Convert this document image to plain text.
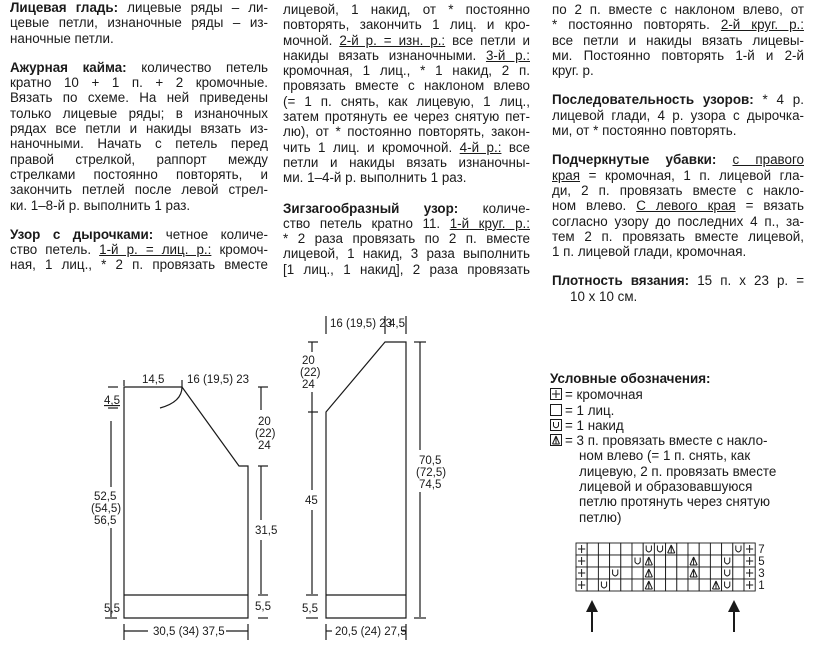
Лицевая гладь: лицевые ряды – ли-
цевые петли, изнаночные ряды – из-
наночные петли.

Ажурная кайма: количество петель
кратно 10 + 1 п. + 2 кромочные.
Вязать по схеме. На ней приведены
только лицевые ряды; в изнаночных
рядах все петли и накиды вязать из-
наночными. Начать с петель перед
правой стрелкой, раппорт между
стрелками постоянно повторять, и
закончить петлей после левой стрел-
ки. 1–8-й р. выполнить 1 раз.

Узор с дырочками: четное количе-
ство петель. 1-й р. = лиц. р.: кромоч-
ная, 1 лиц., * 2 п. провязать вместе

лицевой, 1 накид, от * постоянно
повторять, закончить 1 лиц. и кро-
мочной. 2-й р. = изн. р.: все петли и
накиды вязать изнаночными. 3-й р.:
кромочная, 1 лиц., * 1 накид, 2 п.
провязать вместе с наклоном влево
(= 1 п. снять, как лицевую, 1 лиц.,
затем протянуть ее через снятую пет-
лю), от * постоянно повторять, закон-
чить 1 лиц. и кромочной. 4-й р.: все
петли и накиды вязать изнаночны-
ми. 1–4-й р. выполнить 1 раз.

Зигзагообразный узор: количе-
ство петель кратно 11. 1-й круг. р.:
* 2 раза провязать по 2 п. вместе
лицевой, 1 накид, 3 раза выполнить
[1 лиц., 1 накид], 2 раза провязать

по 2 п. вместе с наклоном влево, от
* постоянно повторять. 2-й круг. р.:
все петли и накиды вязать лицевы-
ми. Постоянно повторять 1-й и 2-й
круг. р.

Последовательность узоров: * 4 р.
лицевой глади, 4 р. узора с дырочка-
ми, от * постоянно повторять.

Подчеркнутые убавки: с правого
края = кромочная, 1 п. лицевой гла-
ди, 2 п. провязать вместе с накло-
ном влево. С левого края = вязать
согласно узору до последних 4 п., за-
тем 2 п. провязать вместе лицевой,
1 п. лицевой глади, кромочная.

Плотность вязания: 15 п. х 23 р. =
10 х 10 см.

14,5 16 (19,5) 23
4,5
20
(22)
24
52,5
(54,5)
56,5
31,5
5,5	5,5
30,5 (34) 37,5
16 (19,5) 23
4,5
20
(22)
24
70,5
(72,5)
74,5
45
5,5
20,5 (24) 27,5
7
5
3
1
Условные обозначения:
= кромочная
= 1 лиц.
= 1 накид
= 3 п. провязать вместе с накло-
ном влево (= 1 п. снять, как
лицевую, 2 п. провязать вместе
лицевой и образовавшуюся
петлю протянуть через снятую
петлю)
